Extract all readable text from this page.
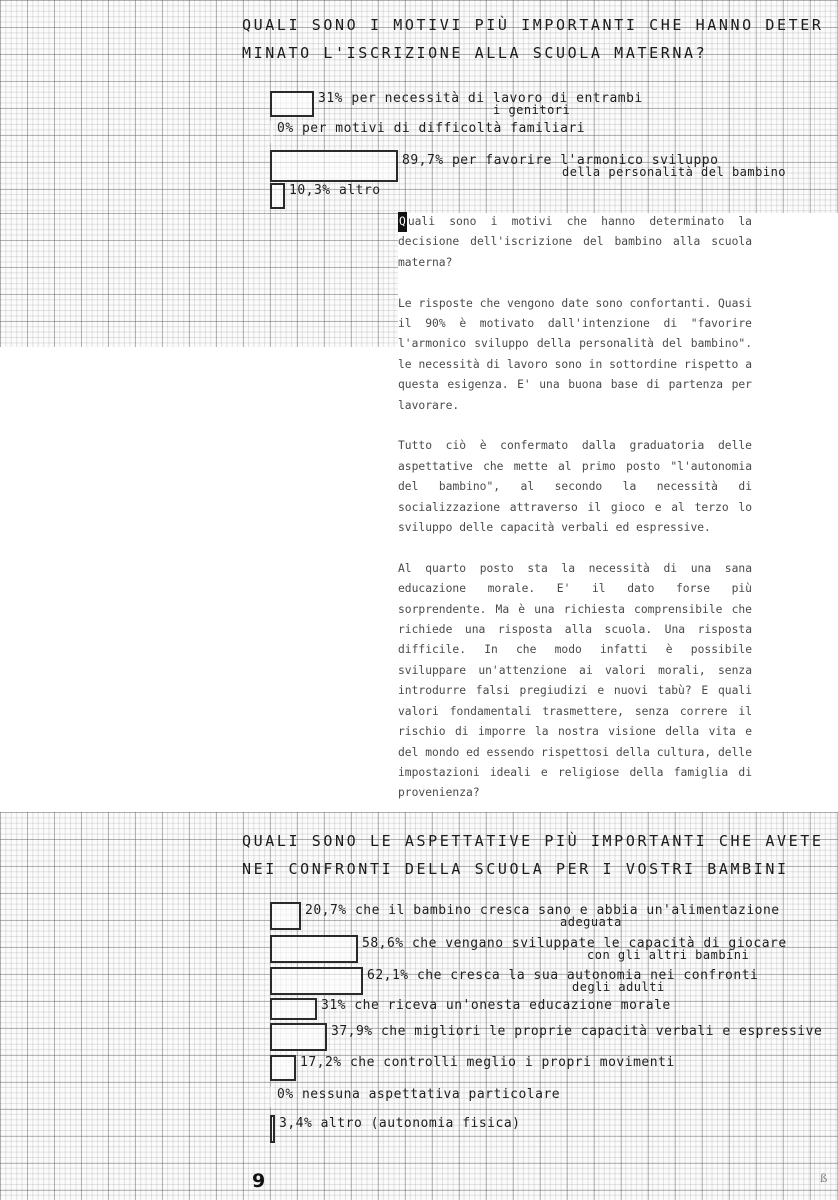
QUALI SONO I MOTIVI PIÙ IMPORTANTI CHE HANNO DETER
MINATO L'ISCRIZIONE ALLA SCUOLA MATERNA?
31% per necessità di lavoro di entrambi
i genitori
0% per motivi di difficoltà familiari
89,7% per favorire l'armonico sviluppo
della personalità del bambino
10,3% altro

Q uali sono i motivi che hanno determinato la decisione dell'iscrizione del bambino alla scuola materna?

Le risposte che vengono date sono confortanti. Quasi il 90% è motivato dall'intenzione di "favorire l'armonico sviluppo della personalità del bambino". le necessità di lavoro sono in sottordine rispetto a questa esigenza. E' una buona base di partenza per lavorare.

Tutto ciò è confermato dalla graduatoria delle aspettative che mette al primo posto "l'autonomia del bambino", al secondo la necessità di socializzazione attraverso il gioco e al terzo lo sviluppo delle capacità verbali ed espressive.

Al quarto posto sta la necessità di una sana educazione morale. E' il dato forse più sorprendente. Ma è una richiesta comprensibile che richiede una risposta alla scuola. Una risposta difficile. In che modo infatti è possibile sviluppare un'attenzione ai valori morali, senza introdurre falsi pregiudizi e nuovi tabù? E quali valori fondamentali trasmettere, senza correre il rischio di imporre la nostra visione della vita e del mondo ed essendo rispettosi della cultura, delle impostazioni ideali e religiose della famiglia di provenienza?

QUALI SONO LE ASPETTATIVE PIÙ IMPORTANTI CHE AVETE
NEI CONFRONTI DELLA SCUOLA PER I VOSTRI BAMBINI
20,7% che il bambino cresca sano e abbia un'alimentazione
adeguata
58,6% che vengano sviluppate le capacità di giocare
con gli altri bambini
62,1% che cresca la sua autonomia nei confronti
degli adulti
31% che riceva un'onesta educazione morale
37,9% che migliori le proprie capacità verbali e espressive
17,2% che controlli meglio i propri movimenti
0% nessuna aspettativa particolare
3,4% altro (autonomia fisica)
9	ß
